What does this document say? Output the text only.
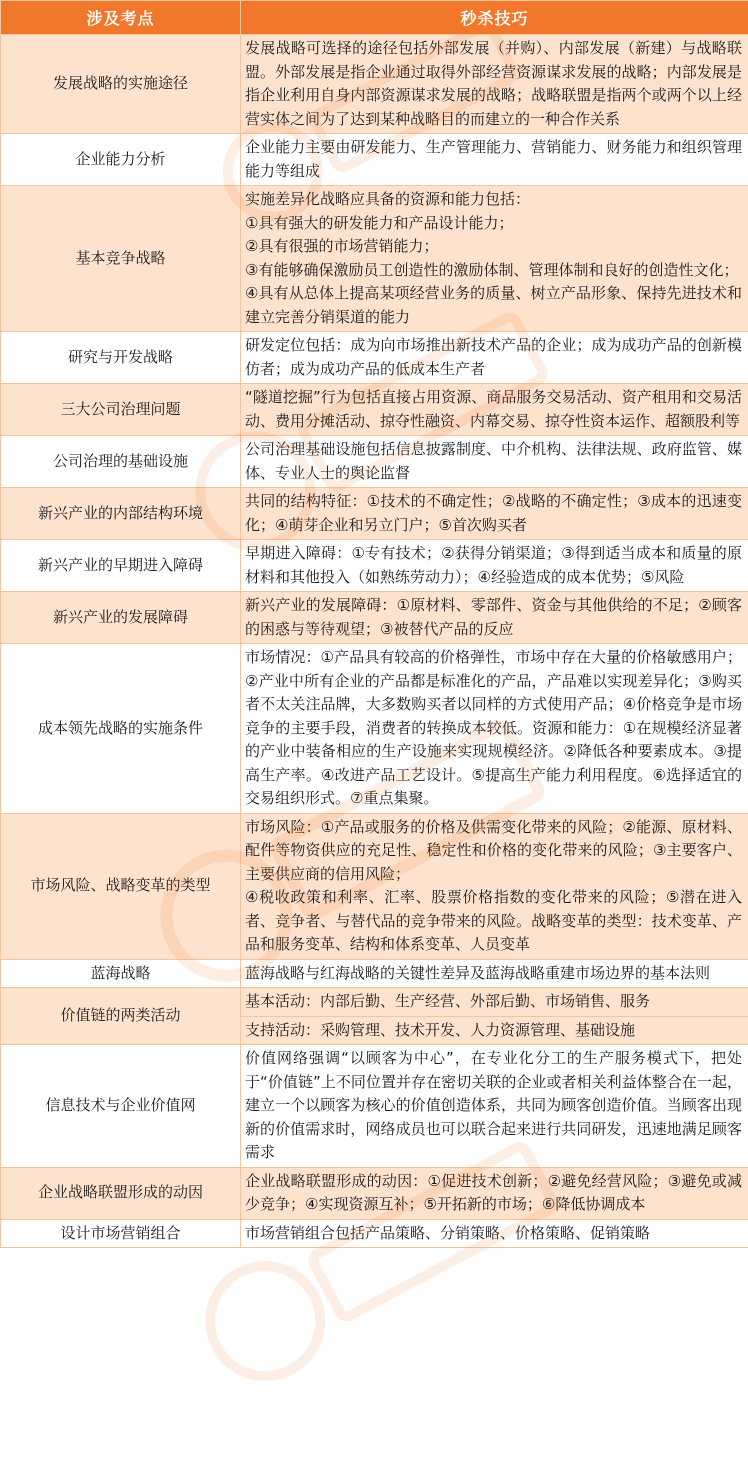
涉及考点	秒杀技巧
发展战略的实施途径	发展战略可选择的途径包括外部发展（并购）、内部发展（新建）与战略联盟。外部发展是指企业通过取得外部经营资源谋求发展的战略；内部发展是指企业利用自身内部资源谋求发展的战略；战略联盟是指两个或两个以上经营实体之间为了达到某种战略目的而建立的一种合作关系

企业能力分析	企业能力主要由研发能力、生产管理能力、营销能力、财务能力和组织管理能力等组成

基本竞争战略	实施差异化战略应具备的资源和能力包括：
①具有强大的研发能力和产品设计能力；
②具有很强的市场营销能力；
③有能够确保激励员工创造性的激励体制、管理体制和良好的创造性文化；
④具有从总体上提高某项经营业务的质量、树立产品形象、保持先进技术和建立完善分销渠道的能力

研究与开发战略	研发定位包括：成为向市场推出新技术产品的企业；成为成功产品的创新模仿者；成为成功产品的低成本生产者

三大公司治理问题	“隧道挖掘”行为包括直接占用资源、商品服务交易活动、资产租用和交易活动、费用分摊活动、掠夺性融资、内幕交易、掠夺性资本运作、超额股利等

公司治理的基础设施	公司治理基础设施包括信息披露制度、中介机构、法律法规、政府监管、媒体、专业人士的舆论监督

新兴产业的内部结构环境	共同的结构特征：①技术的不确定性；②战略的不确定性；③成本的迅速变化；④萌芽企业和另立门户；⑤首次购买者

新兴产业的早期进入障碍	早期进入障碍：①专有技术；②获得分销渠道；③得到适当成本和质量的原材料和其他投入（如熟练劳动力）；④经验造成的成本优势；⑤风险

新兴产业的发展障碍	新兴产业的发展障碍：①原材料、零部件、资金与其他供给的不足；②顾客的困惑与等待观望；③被替代产品的反应

成本领先战略的实施条件	市场情况：①产品具有较高的价格弹性，市场中存在大量的价格敏感用户；②产业中所有企业的产品都是标准化的产品，产品难以实现差异化；③购买者不太关注品牌，大多数购买者以同样的方式使用产品；④价格竞争是市场竞争的主要手段，消费者的转换成本较低。资源和能力：①在规模经济显著的产业中装备相应的生产设施来实现规模经济。②降低各种要素成本。③提高生产率。④改进产品工艺设计。⑤提高生产能力利用程度。⑥选择适宜的交易组织形式。⑦重点集聚。

市场风险、战略变革的类型	市场风险：①产品或服务的价格及供需变化带来的风险；②能源、原材料、配件等物资供应的充足性、稳定性和价格的变化带来的风险；③主要客户、主要供应商的信用风险；
④税收政策和利率、汇率、股票价格指数的变化带来的风险；⑤潜在进入者、竞争者、与替代品的竞争带来的风险。战略变革的类型：技术变革、产品和服务变革、结构和体系变革、人员变革

蓝海战略	蓝海战略与红海战略的关键性差异及蓝海战略重建市场边界的基本法则

价值链的两类活动	基本活动：内部后勤、生产经营、外部后勤、市场销售、服务

	支持活动：采购管理、技术开发、人力资源管理、基础设施

信息技术与企业价值网	价值网络强调“以顾客为中心”，在专业化分工的生产服务模式下，把处于“价值链”上不同位置并存在密切关联的企业或者相关利益体整合在一起，建立一个以顾客为核心的价值创造体系，共同为顾客创造价值。当顾客出现新的价值需求时，网络成员也可以联合起来进行共同研发，迅速地满足顾客需求

企业战略联盟形成的动因	企业战略联盟形成的动因：①促进技术创新；②避免经营风险；③避免或减少竞争；④实现资源互补；⑤开拓新的市场；⑥降低协调成本

设计市场营销组合	市场营销组合包括产品策略、分销策略、价格策略、促销策略
